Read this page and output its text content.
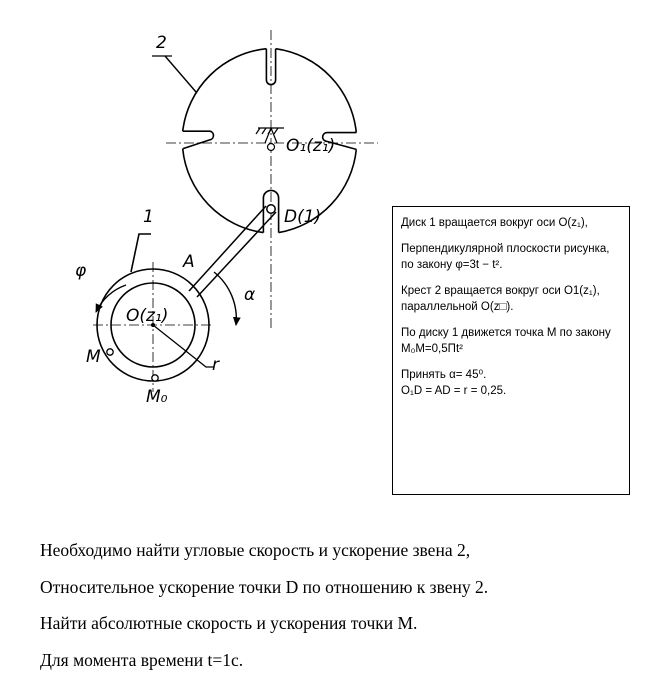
2
1
O₁(z₁)
D(1)
A
φ
α
O(z₁)
r
M
M₀

Диск 1 вращается вокруг оси O(z₁),

Перпендикулярной плоскости рисунка, по закону φ=3t − t².

Крест 2 вращается вокруг оси O1(z₁), параллельной O(z□).

По диску 1 движется точка M по закону M₀M=0,5Πt²

Принять α= 45⁰.

O₁D = AD = r = 0,25.

Необходимо найти угловые скорость и ускорение звена 2,
Относительное ускорение точки D по отношению к звену 2.
Найти абсолютные скорость и ускорения точки M.
Для момента времени t=1c.
